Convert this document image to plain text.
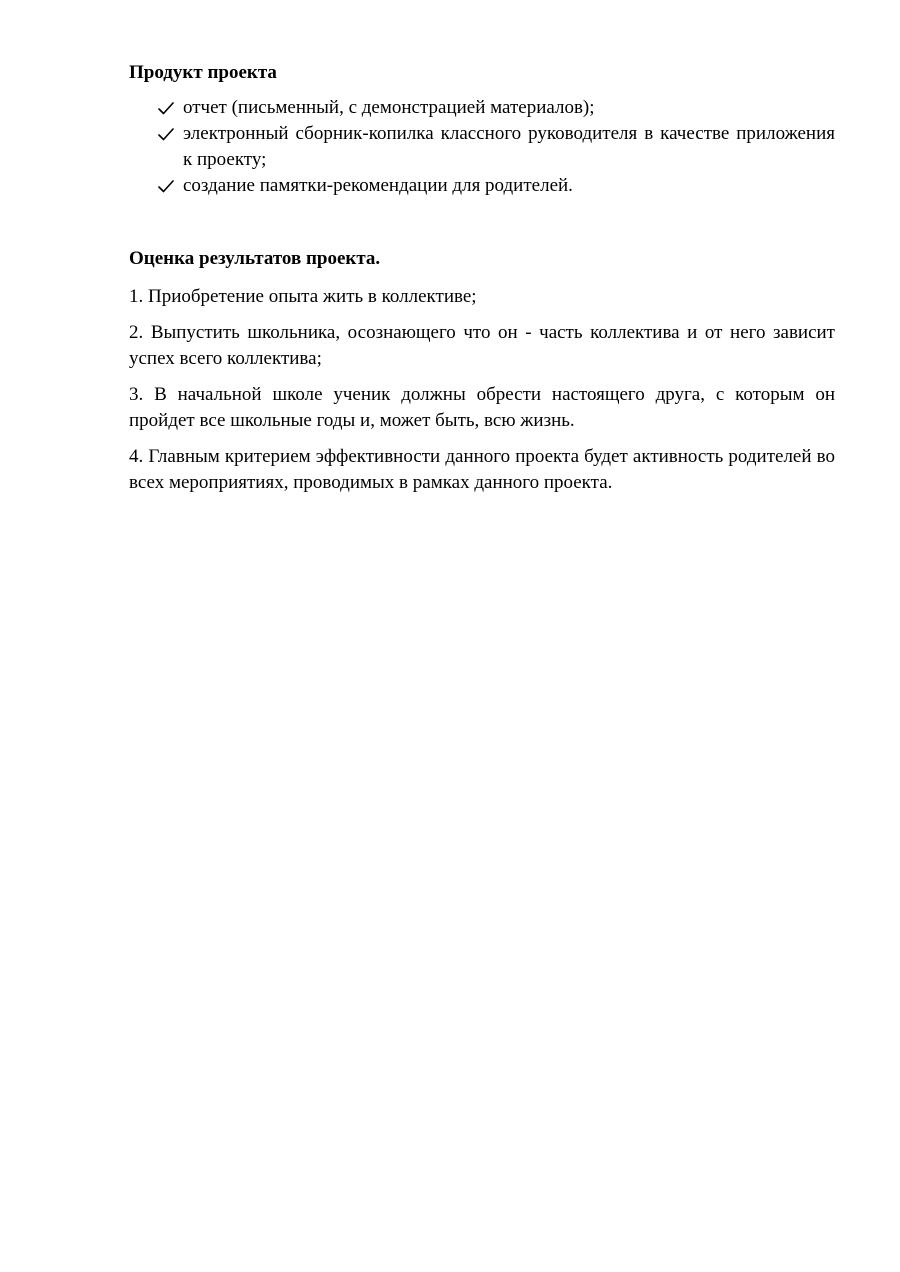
Продукт проекта

отчет (письменный, с демонстрацией материалов);
электронный сборник-копилка классного руководителя в качестве приложения к проекту;
создание памятки-рекомендации для родителей.

Оценка результатов проекта.

1. Приобретение опыта жить в коллективе;

2. Выпустить школьника, осознающего что он - часть коллектива и от него зависит успех всего коллектива;

3. В начальной школе ученик должны обрести настоящего друга, с которым он пройдет все школьные годы и, может быть, всю жизнь.

4. Главным критерием эффективности данного проекта будет активность родителей во всех мероприятиях, проводимых в рамках данного проекта.
